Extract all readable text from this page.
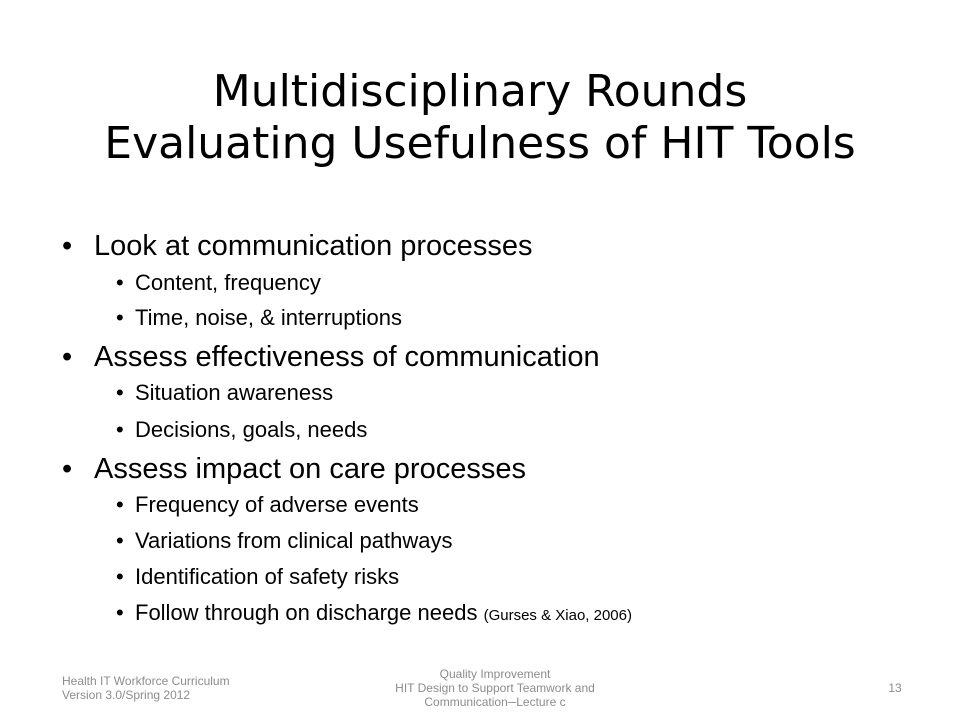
Multidisciplinary Rounds
Evaluating Usefulness of HIT Tools
• Look at communication processes
• Content, frequency
• Time, noise, & interruptions
• Assess effectiveness of communication
• Situation awareness
• Decisions, goals, needs
• Assess impact on care processes
• Frequency of adverse events
• Variations from clinical pathways
• Identification of safety risks
• Follow through on discharge needs (Gurses & Xiao, 2006)
Health IT Workforce Curriculum
Version 3.0/Spring 2012
Quality Improvement
HIT Design to Support Teamwork and
Communication─Lecture c
13
